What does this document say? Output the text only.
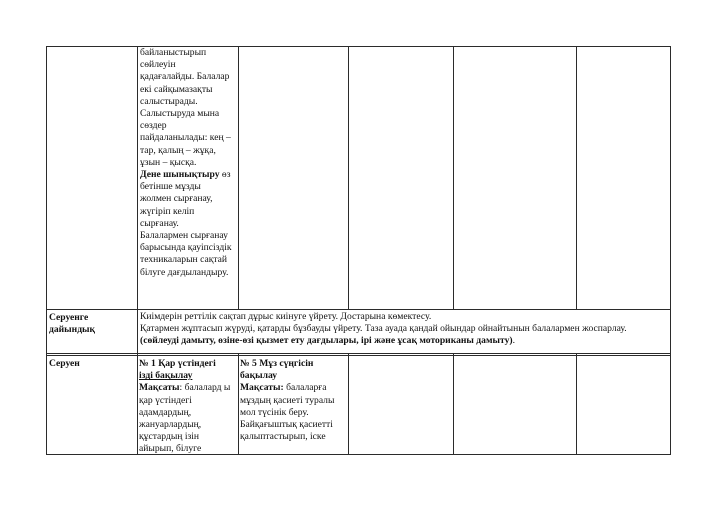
байланыстырып

сөйлеуін

қадағалайды. Балалар

екі сайқымазақты

салыстырады.

Салыстыруда мына

сөздер

пайдаланылады: кең –

тар, қалың – жұқа,

ұзын – қысқа.

Дене шынықтыру өз

бетінше мұзды

жолмен сырғанау,

жүгіріп келіп

сырғанау.

Балалармен сырғанау

барысында қауіпсіздік

техникаларын сақтай

білуге дағдыландыру.

Серуенге

дайындық

Киімдерін реттілік сақтап дұрыс киінуге үйрету. Достарына көмектесу.

Қатармен жұптасып жүруді, қатарды бұзбауды үйрету. Таза ауада қандай ойындар ойнайтынын балалармен жоспарлау.

(сөйлеуді дамыту, өзіне-өзі қызмет ету дағдылары, ірі және ұсақ моториканы дамыту).

Серуен	№ 1 Қар үстіндегі

ізді бақылау

Мақсаты: балалард ы

қар үстіндегі

адамдардың,

жануарлардың,

құстардың ізін

айырып, білуге

№ 5 Мұз сүңгісін

бақылау

Мақсаты: балаларға

мұздың қасиеті туралы

мол түсінік беру.

Байқағыштық қасиетті

қалыптастырып, іске
